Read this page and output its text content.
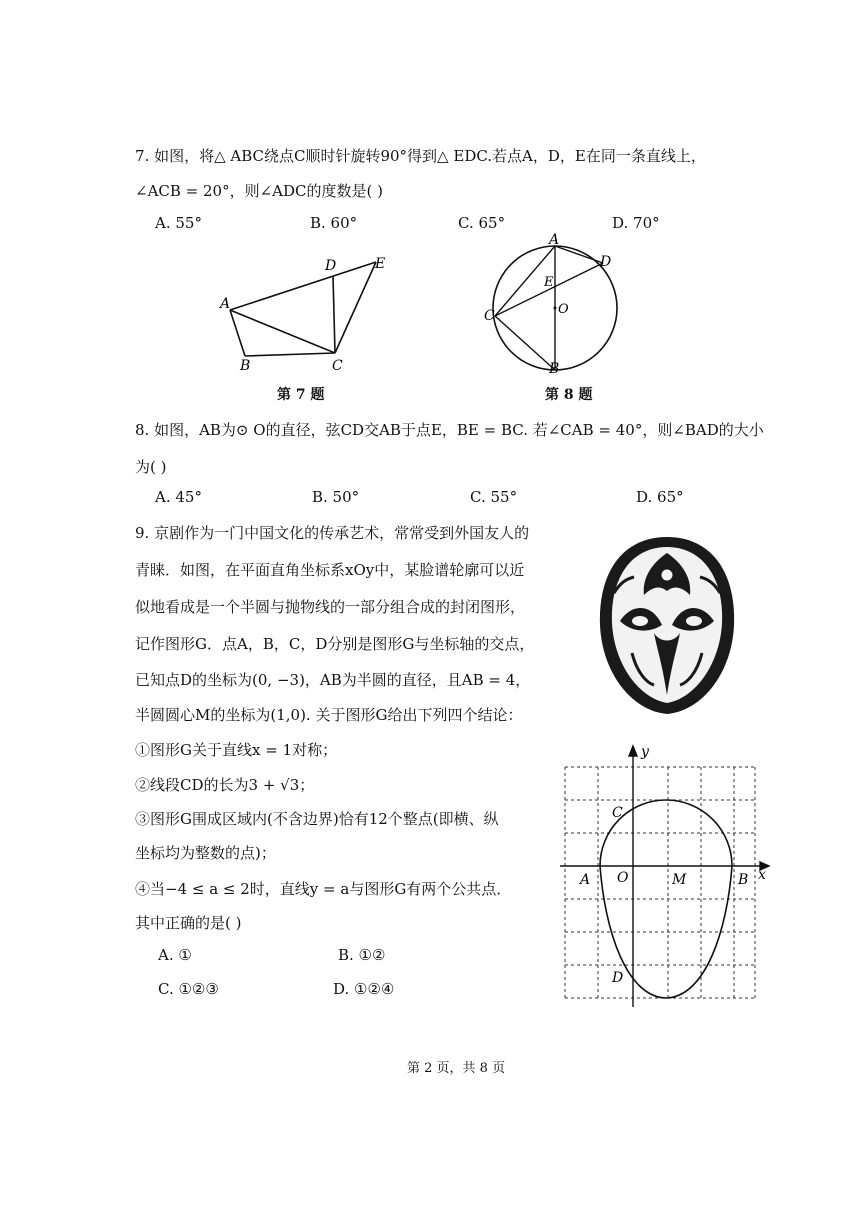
7. 如图，将△ ABC绕点C顺时针旋转90°得到△ EDC.若点A，D，E在同一条直线上，
∠ACB = 20°，则∠ADC的度数是( )
A. 55°	B. 60°	C. 65°	D. 70°
A
B	C
D	E
第 7 题
A
B
C
D
E
O
第 8 题
8. 如图，AB为⊙ O的直径，弦CD交AB于点E，BE = BC. 若∠CAB = 40°，则∠BAD的大小
为( )
A. 45°	B. 50°	C. 55°	D. 65°
9. 京剧作为一门中国文化的传承艺术，常常受到外国友人的
青睐．如图，在平面直角坐标系xOy中，某脸谱轮廓可以近
似地看成是一个半圆与抛物线的一部分组合成的封闭图形，
记作图形G．点A，B，C，D分别是图形G与坐标轴的交点，
已知点D的坐标为(0, −3)，AB为半圆的直径，且AB = 4，
半圆圆心M的坐标为(1,0). 关于图形G给出下列四个结论：
①图形G关于直线x = 1对称；
②线段CD的长为3 + √3；
③图形G围成区域内(不含边界)恰有12个整点(即横、纵
坐标均为整数的点)；
④当−4 ≤ a ≤ 2时，直线y = a与图形G有两个公共点．
其中正确的是( )
A. ①	B. ①②
C. ①②③	D. ①②④
y
x
A O	M	B
C
D
第 2 页，共 8 页
